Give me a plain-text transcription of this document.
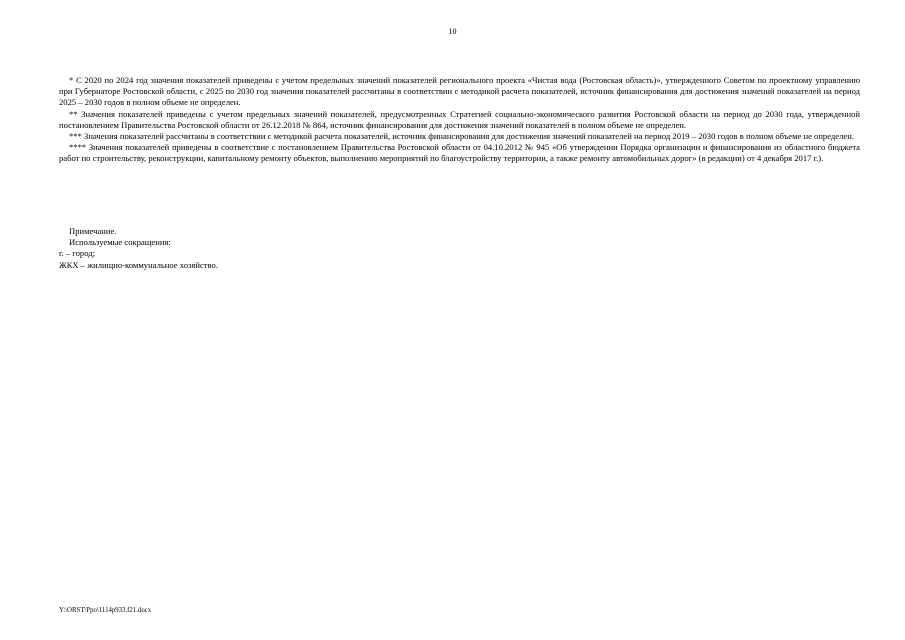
10

* С 2020 по 2024 год значения показателей приведены с учетом предельных значений показателей регионального проекта «Чистая вода (Ростовская область)», утвержденного Советом по проектному управлению при Губернаторе Ростовской области, с 2025 по 2030 год значения показателей рассчитаны в соответствии с методикой расчета показателей, источник финансирования для достижения значений показателей на период 2025 – 2030 годов в полном объеме не определен.

** Значения показателей приведены с учетом предельных значений показателей, предусмотренных Стратегией социально-экономического развития Ростовской области на период до 2030 года, утвержденной постановлением Правительства Ростовской области от 26.12.2018 № 864, источник финансирования для достижения значений показателей в полном объеме не определен.

*** Значения показателей рассчитаны в соответствии с методикой расчета показателей, источник финансирования для достижения значений показателей на период 2019 – 2030 годов в полном объеме не определен.

**** Значения показателей приведены в соответствие с постановлением Правительства Ростовской области от 04.10.2012 № 945 «Об утверждении Порядка организации и финансирования из областного бюджета работ по строительству, реконструкции, капитальному ремонту объектов, выполнению мероприятий по благоустройству территории, а также ремонту автомобильных дорог» (в редакции) от 4 декабря 2017 г.).

Примечание.

Используемые сокращения:

г. – город;

ЖКХ – жилищно-коммунальное хозяйство.

Y:\ORST\Ppo\1114p933.f21.docx
